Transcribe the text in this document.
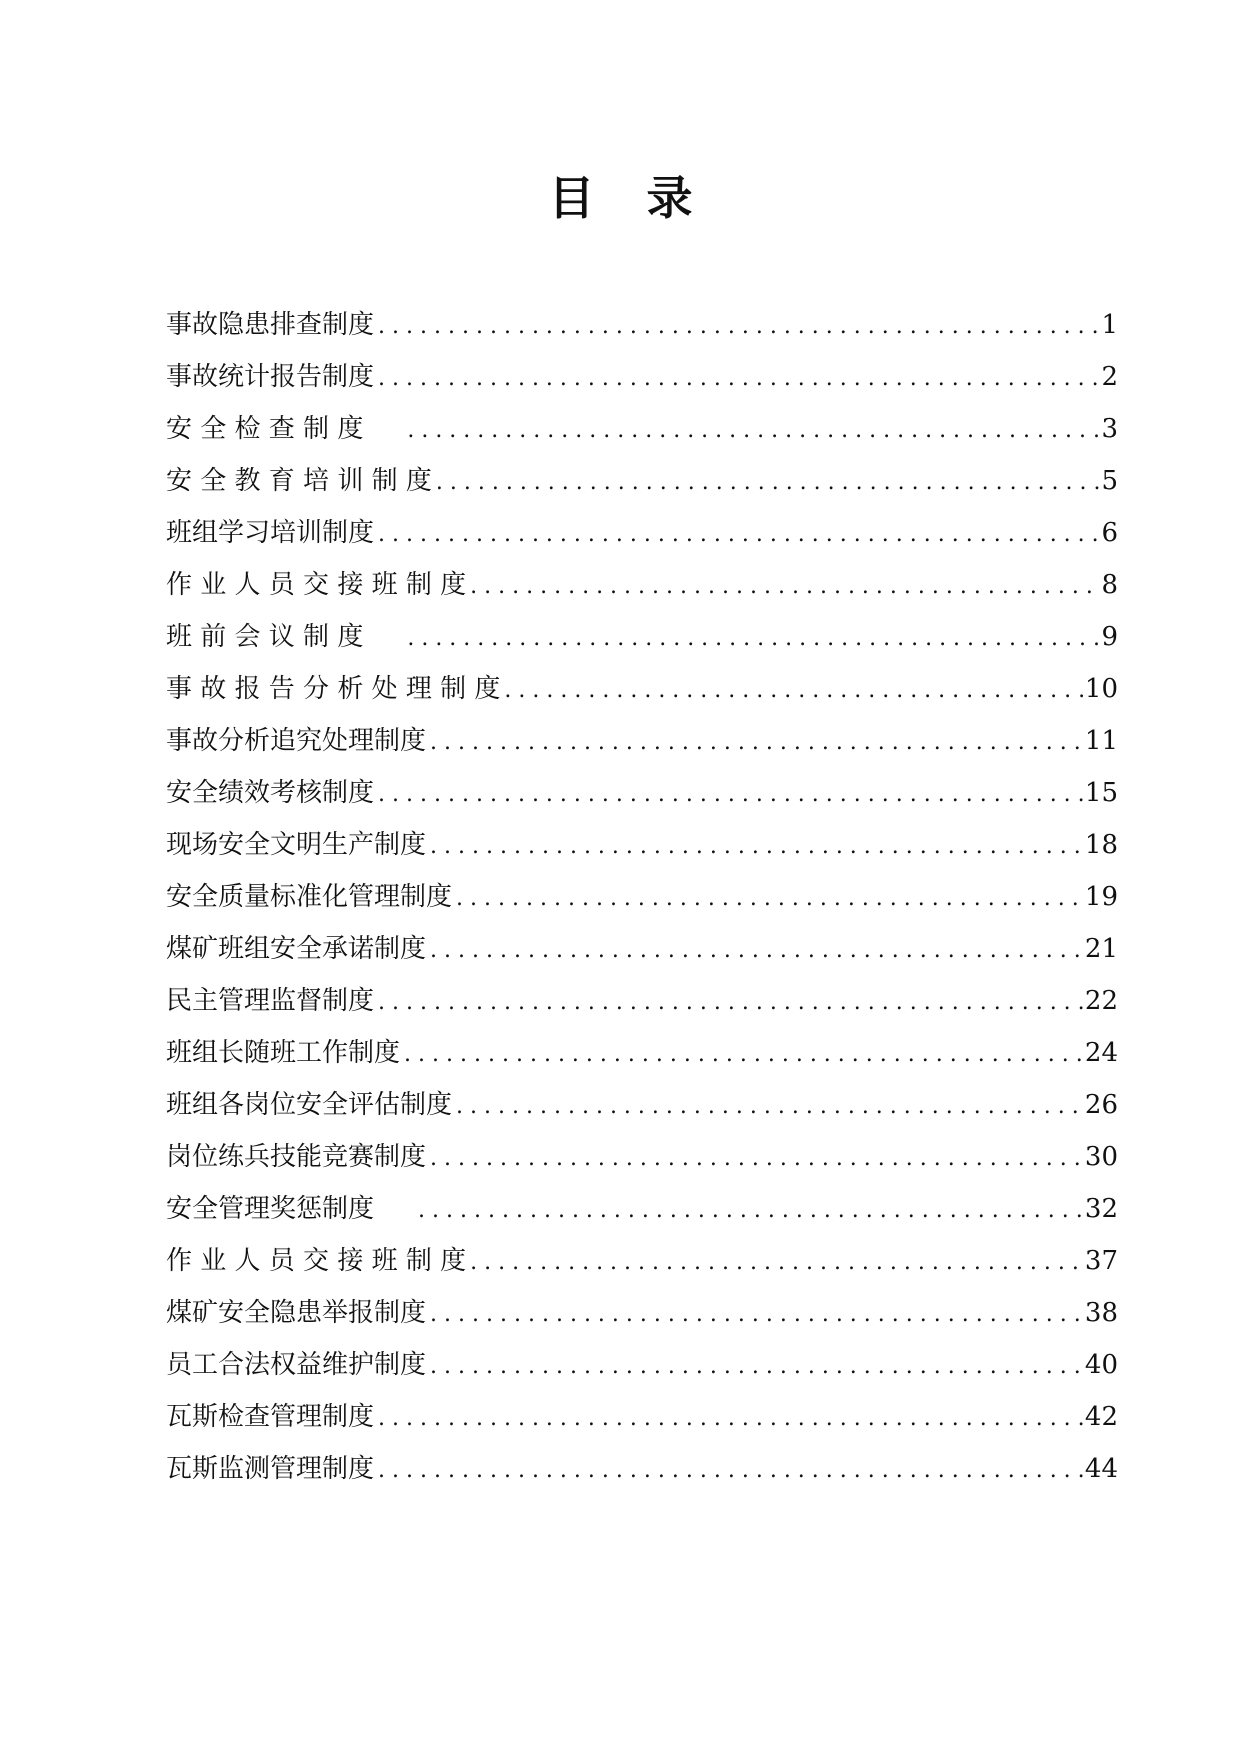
目 录
事故隐患排查制度 .....	1
事故统计报告制度 .....	2
安 全 检 查 制 度 .....	3
安 全 教 育 培 训 制 度 .....	5
班组学习培训制度 .....	6
作 业 人 员 交 接 班 制 度 .....	8
班 前 会 议 制 度 .....	9
事 故 报 告 分 析 处 理 制 度 .....	10
事故分析追究处理制度 .....	11
安全绩效考核制度 .....	15
现场安全文明生产制度 .....	18
安全质量标准化管理制度 .....	19
煤矿班组安全承诺制度 .....	21
民主管理监督制度 .....	22
班组长随班工作制度 .....	24
班组各岗位安全评估制度 .....	26
岗位练兵技能竞赛制度 .....	30
安全管理奖惩制度 .....	32
作 业 人 员 交 接 班 制 度 .....	37
煤矿安全隐患举报制度 .....	38
员工合法权益维护制度 .....	40
瓦斯检查管理制度 .....	42
瓦斯监测管理制度 .....	44
